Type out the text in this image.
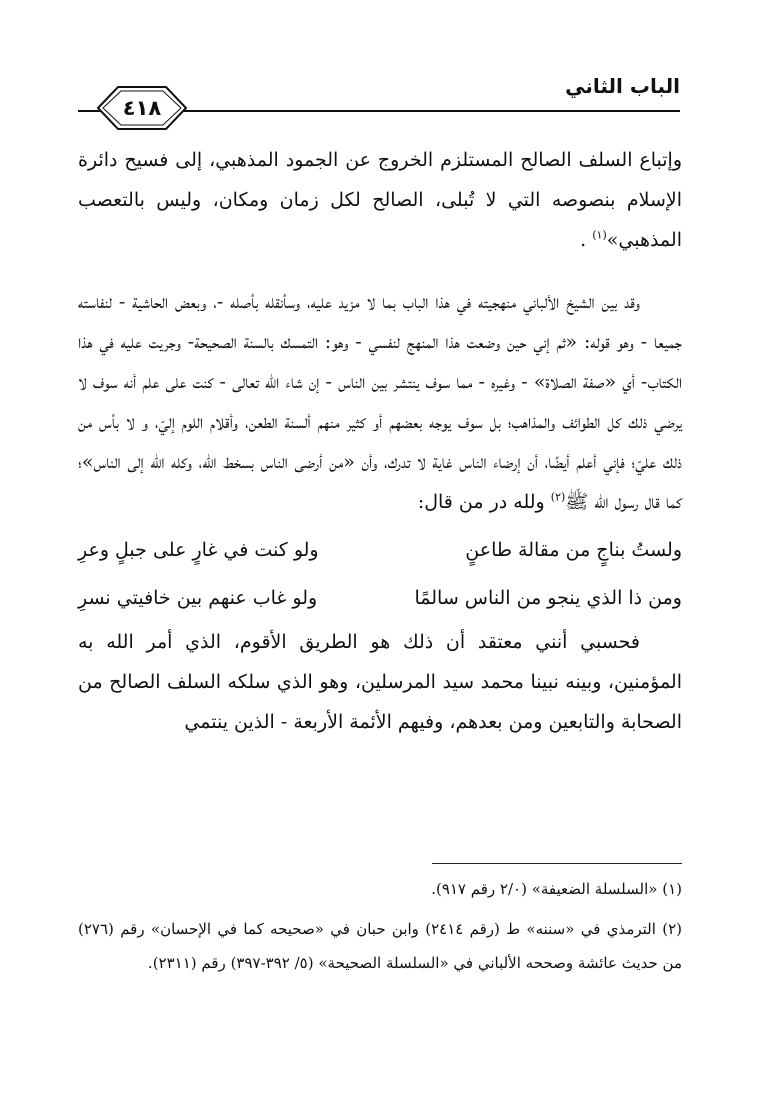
الباب الثاني
٤١٨

وإتباع السلف الصالح المستلزم الخروج عن الجمود المذهبي، إلى فسيح دائرة الإسلام بنصوصه التي لا تُبلى، الصالح لكل زمان ومكان، وليس بالتعصب المذهبي»$^{(١)}$ .

وقد بين الشيخ الألباني منهجيته في هذا الباب بما لا مزيد عليه، وسأنقله بأصله -، وبعض الحاشية - لنفاسته جميعا - وهو قوله: «ثم إني حين وضعت هذا المنهج لنفسي - وهو: التمسك بالسنة الصحيحة- وجريت عليه في هذا الكتاب- أي «صفة الصلاة» - وغيره - مما سوف ينتشر بين الناس - إن شاء الله تعالى - كنت على علم أنه سوف لا يرضي ذلك كل الطوائف والمذاهب؛ بل سوف يوجه بعضهم أو كثير منهم ألسنة الطعن، وأقلام اللوم إليّ، و لا بأس من ذلك عليّ؛ فإني أعلم أيضًا، أن إرضاء الناس غاية لا تدرك، وأن «من أرضى الناس بسخط الله، وكله الله إلى الناس»؛ كما قال رسول الله ﷺ$^{(٢)}$ ولله در من قال:

ولستُ بناجٍ من مقالة طاعنٍ
ولو كنت في غارٍ على جبلٍ وعرِ
ومن ذا الذي ينجو من الناس سالمًا
ولو غاب عنهم بين خافيتي نسرِ

فحسبي أنني معتقد أن ذلك هو الطريق الأقوم، الذي أمر الله به المؤمنين، وبينه نبينا محمد سيد المرسلين، وهو الذي سلكه السلف الصالح من الصحابة والتابعين ومن بعدهم، وفيهم الأئمة الأربعة - الذين ينتمي

(١) «السلسلة الضعيفة» (٢/٠ رقم ٩١٧).

(٢) الترمذي في «سننه» ط (رقم ٢٤١٤) وابن حبان في «صحيحه كما في الإحسان» رقم (٢٧٦) من حديث عائشة وصححه الألباني في «السلسلة الصحيحة» (٥/ ٣٩٢-٣٩٧) رقم (٢٣١١).
